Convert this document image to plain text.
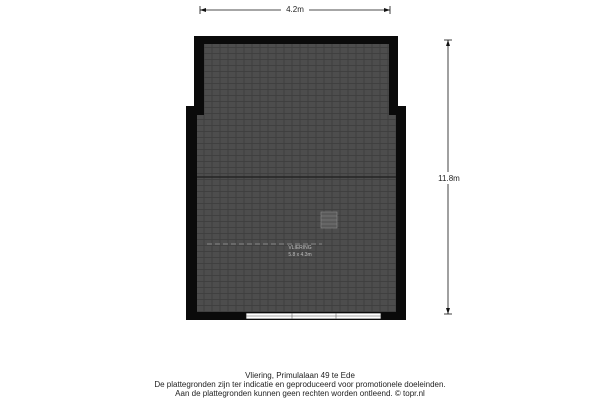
4.2m
11.8m
VLIERING
5.8 x 4.3m
Vliering, Primulalaan 49 te Ede
De plattegronden zijn ter indicatie en geproduceerd voor promotionele doeleinden.
Aan de plattegronden kunnen geen rechten worden ontleend. © topr.nl
